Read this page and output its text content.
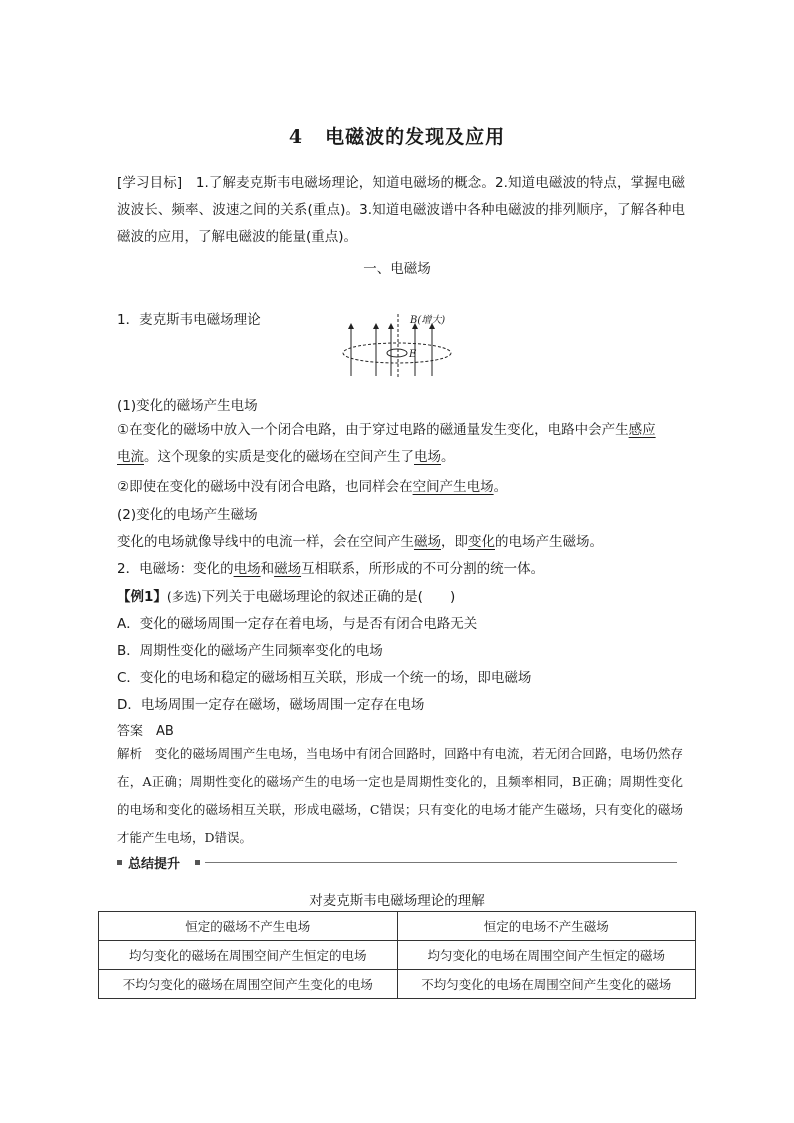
4 电磁波的发现及应用
[学习目标]　1.了解麦克斯韦电磁场理论，知道电磁场的概念。2.知道电磁波的特点，掌握电磁波波长、频率、波速之间的关系(重点)。3.知道电磁波谱中各种电磁波的排列顺序，了解各种电磁波的应用，了解电磁波的能量(重点)。
一、电磁场
1．麦克斯韦电磁场理论	B(增大)
E
(1)变化的磁场产生电场
①在变化的磁场中放入一个闭合电路，由于穿过电路的磁通量发生变化，电路中会产生感应
电流。这个现象的实质是变化的磁场在空间产生了电场。
②即使在变化的磁场中没有闭合电路，也同样会在空间产生电场。
(2)变化的电场产生磁场
变化的电场就像导线中的电流一样，会在空间产生磁场，即变化的电场产生磁场。
2．电磁场：变化的电场和磁场互相联系，所形成的不可分割的统一体。
【例1】(多选)下列关于电磁场理论的叙述正确的是(　　)
A．变化的磁场周围一定存在着电场，与是否有闭合电路无关
B．周期性变化的磁场产生同频率变化的电场
C．变化的电场和稳定的磁场相互关联，形成一个统一的场，即电磁场
D．电场周围一定存在磁场，磁场周围一定存在电场
答案　 AB
解析　 变化的磁场周围产生电场，当电场中有闭合回路时，回路中有电流，若无闭合回路，电场仍然存在，A正确；周期性变化的磁场产生的电场一定也是周期性变化的，且频率相同，B正确；周期性变化的电场和变化的磁场相互关联，形成电磁场，C错误；只有变化的电场才能产生磁场，只有变化的磁场才能产生电场，D错误。
总结提升
对麦克斯韦电磁场理论的理解
恒定的磁场不产生电场	恒定的电场不产生磁场
均匀变化的磁场在周围空间产生恒定的电场	均匀变化的电场在周围空间产生恒定的磁场
不均匀变化的磁场在周围空间产生变化的电场	不均匀变化的电场在周围空间产生变化的磁场
